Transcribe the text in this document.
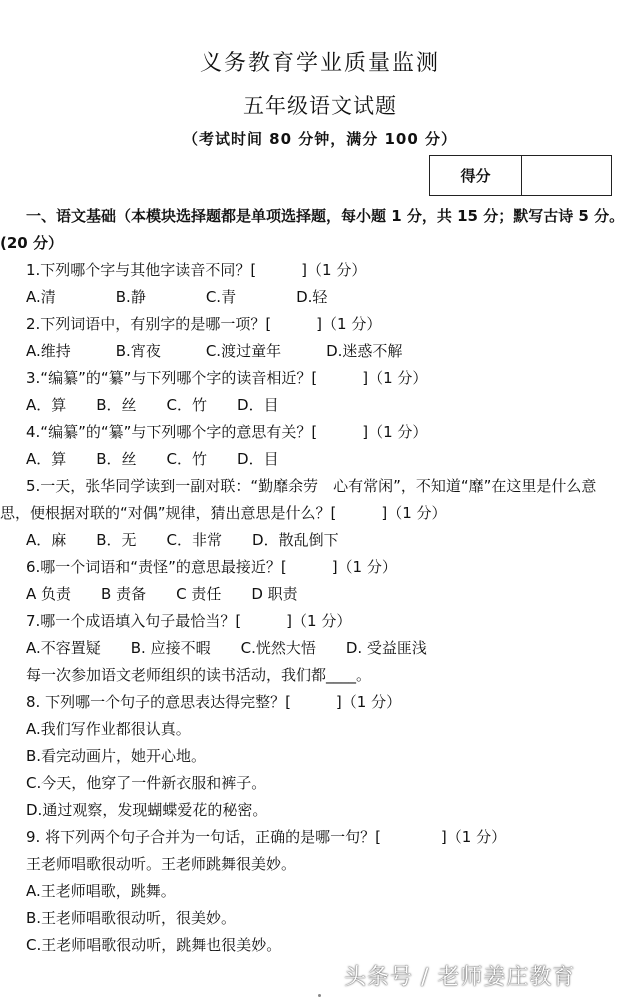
义务教育学业质量监测
五年级语文试题
（考试时间 80 分钟，满分 100 分）
得分
一、语文基础（本模块选择题都是单项选择题，每小题 1 分，共 15 分；默写古诗 5 分。
(20 分）
1.下列哪个字与其他字读音不同？[　　　]（1 分）
A.清　　　　B.静　　　　C.青　　　　D.轻
2.下列词语中，有别字的是哪一项？[　　　]（1 分）
A.维持　　　B.宵夜　　　C.渡过童年　　　D.迷惑不解
3.“编纂”的“纂”与下列哪个字的读音相近？[　　　]（1 分）
A．算　　B．丝　　C．竹　　D．目
4.“编纂”的“纂”与下列哪个字的意思有关？[　　　]（1 分）
A．算　　B．丝　　C．竹　　D．目
5.一天，张华同学读到一副对联：“勤靡余劳　心有常闲”，不知道“靡”在这里是什么意
思，便根据对联的“对偶”规律，猜出意思是什么？[　　　]（1 分）
A．麻　　B．无　　C．非常　　D．散乱倒下
6.哪一个词语和“责怪”的意思最接近？[　　　]（1 分）
A 负责　　B 责备　　C 责任　　D 职责
7.哪一个成语填入句子最恰当？[　　　]（1 分）
A.不容置疑　　B. 应接不暇　　C.恍然大悟　　D. 受益匪浅
每一次参加语文老师组织的读书活动，我们都____。
8. 下列哪一个句子的意思表达得完整？[　　　]（1 分）
A.我们写作业都很认真。
B.看完动画片，她开心地。
C.今天，他穿了一件新衣服和裤子。
D.通过观察，发现蝴蝶爱花的秘密。
9. 将下列两个句子合并为一句话，正确的是哪一句？[　　　　]（1 分）
王老师唱歌很动听。王老师跳舞很美妙。
A.王老师唱歌，跳舞。
B.王老师唱歌很动听，很美妙。
C.王老师唱歌很动听，跳舞也很美妙。
头条号 / 老师姜庄教育
